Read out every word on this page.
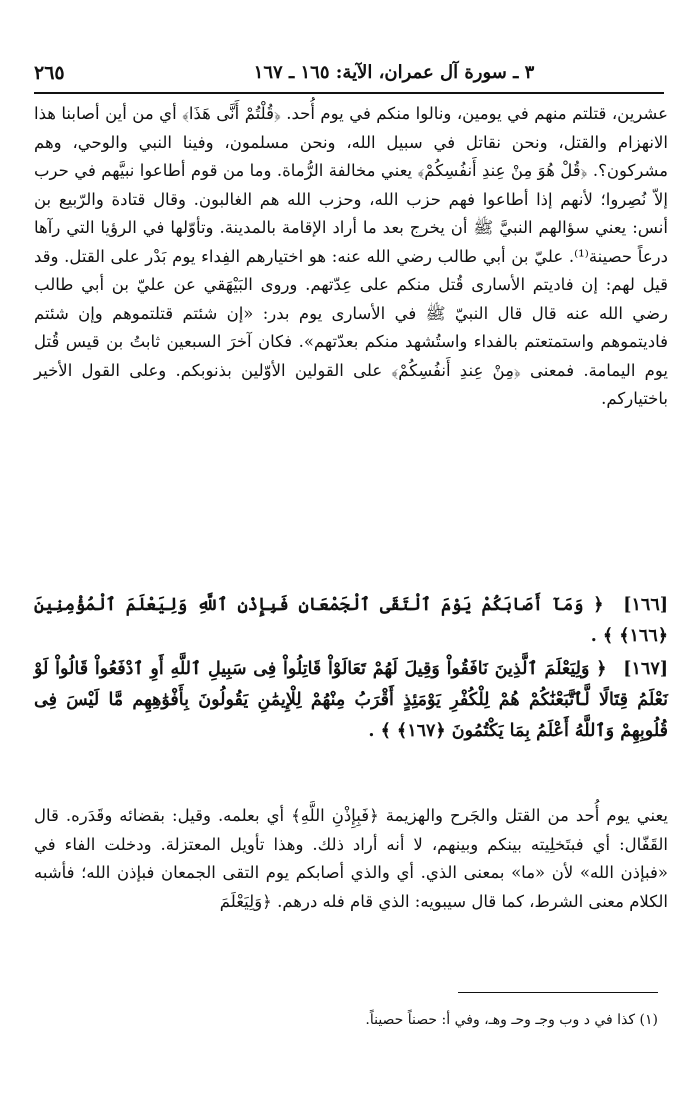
٣ ـ سورة آل عمران، الآية: ١٦٥ ـ ١٦٧
٢٦٥

عشرين، قتلتم منهم في يومين، ونالوا منكم في يوم أُحد. ﴿قُلْتُمْ أَنَّى هَذَا﴾ أي من أين أصابنا هذا الانهزام والقتل، ونحن نقاتل في سبيل الله، ونحن مسلمون، وفينا النبي والوحي، وهم مشركون؟. ﴿قُلْ هُوَ مِنْ عِندِ أَنفُسِكُمْ﴾ يعني مخالفة الرُّماة. وما من قوم أطاعوا نبيَّهم في حرب إلاّ نُصِروا؛ لأنهم إذا أطاعوا فهم حزب الله، وحزب الله هم الغالبون. وقال قتادة والرّبيع بن أنس: يعني سؤالهم النبيَّ ﷺ أن يخرج بعد ما أراد الإقامة بالمدينة. وتأوّلها في الرؤيا التي رآها درعاً حصينة⁽¹⁾. عليّ بن أبي طالب رضي الله عنه: هو اختيارهم الفِداء يوم بَدْر على القتل. وقد قيل لهم: إن فاديتم الأسارى قُتل منكم على عِدّتهم. وروى البَيْهَقي عن عليّ بن أبي طالب رضي الله عنه قال قال النبيّ ﷺ في الأسارى يوم بدر: «إن شئتم قتلتموهم وإن شئتم فاديتموهم واستمتعتم بالفداء واستُشهد منكم بعدّتهم». فكان آخرَ السبعين ثابتُ بن قيس قُتل يوم اليمامة. فمعنى ﴿مِنْ عِندِ أَنفُسِكُمْ﴾ على القولين الأوّلين بذنوبكم. وعلى القول الأخير باختياركم.

[١٦٦] ﴿ وَمَآ أَصَابَكُمْ يَوْمَ ٱلْتَقَى ٱلْجَمْعَانِ فَبِإِذْنِ ٱللَّهِ وَلِيَعْلَمَ ٱلْمُؤْمِنِينَ ﴿١٦٦﴾ ﴾ .

[١٦٧] ﴿ وَلِيَعْلَمَ ٱلَّذِينَ نَافَقُواْ وَقِيلَ لَهُمْ تَعَالَوْاْ قَاتِلُواْ فِى سَبِيلِ ٱللَّهِ أَوِ ٱدْفَعُواْ قَالُواْ لَوْ نَعْلَمُ قِتَالًا لَّٱتَّبَعْنَٰكُمْ هُمْ لِلْكُفْرِ يَوْمَئِذٍ أَقْرَبُ مِنْهُمْ لِلْإِيمَٰنِ يَقُولُونَ بِأَفْوَٰهِهِم مَّا لَيْسَ فِى قُلُوبِهِمْ وَٱللَّهُ أَعْلَمُ بِمَا يَكْتُمُونَ ﴿١٦٧﴾ ﴾ .

يعني يوم أُحد من القتل والجَرح والهزيمة ﴿فَبِإِذْنِ اللَّهِ﴾ أي بعلمه. وقيل: بقضائه وقَدَره. قال القَفّال: أي فبتَخلِيته بينكم وبينهم، لا أنه أراد ذلك. وهذا تأويل المعتزلة. ودخلت الفاء في «فبإذن الله» لأن «ما» بمعنى الذي. أي والذي أصابكم يوم التقى الجمعان فبإذن الله؛ فأشبه الكلام معنى الشرط، كما قال سيبويه: الذي قام فله درهم. ﴿وَلِيَعْلَمَ

(١) كذا في د وب وجـ وحـ وهـ، وفي أ: حصناً حصيناً.
